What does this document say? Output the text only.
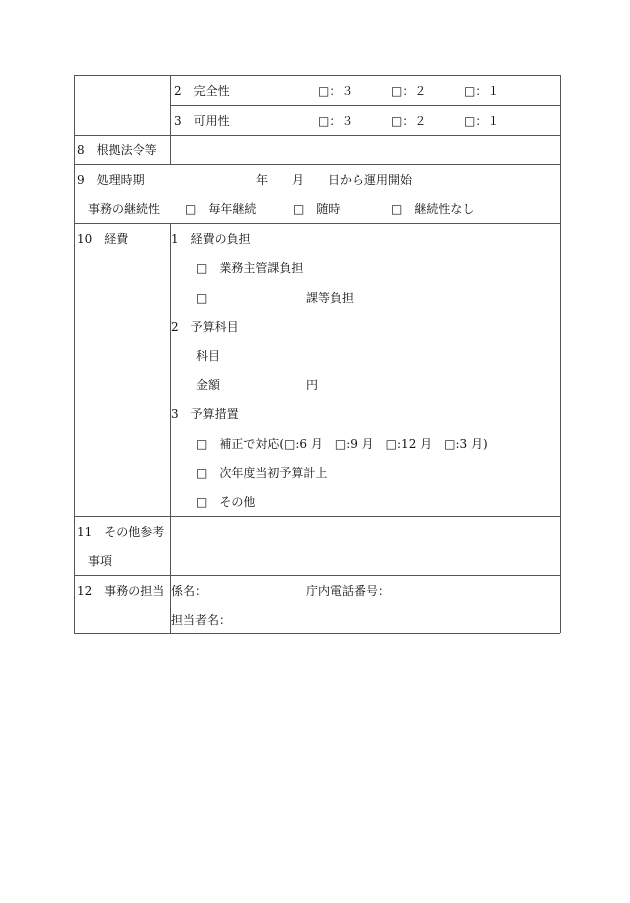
2　完全性	□：３	□：２	□：１
3　可用性	□：３	□：２	□：１
8　根拠法令等
9　処理時期	年　　月　　日から運用開始
事務の継続性 □　毎年継続	□　随時	□　継続性なし
10　経費	1　経費の負担
□　業務主管課負担
□	課等負担
2　予算科目
科目
金額	円
3　予算措置
□　補正で対応(□:6 月　□:9 月　□:12 月　□:3 月)
□　次年度当初予算計上
□　その他
11　その他参考
事項
12　事務の担当 係名：	庁内電話番号：
担当者名：
